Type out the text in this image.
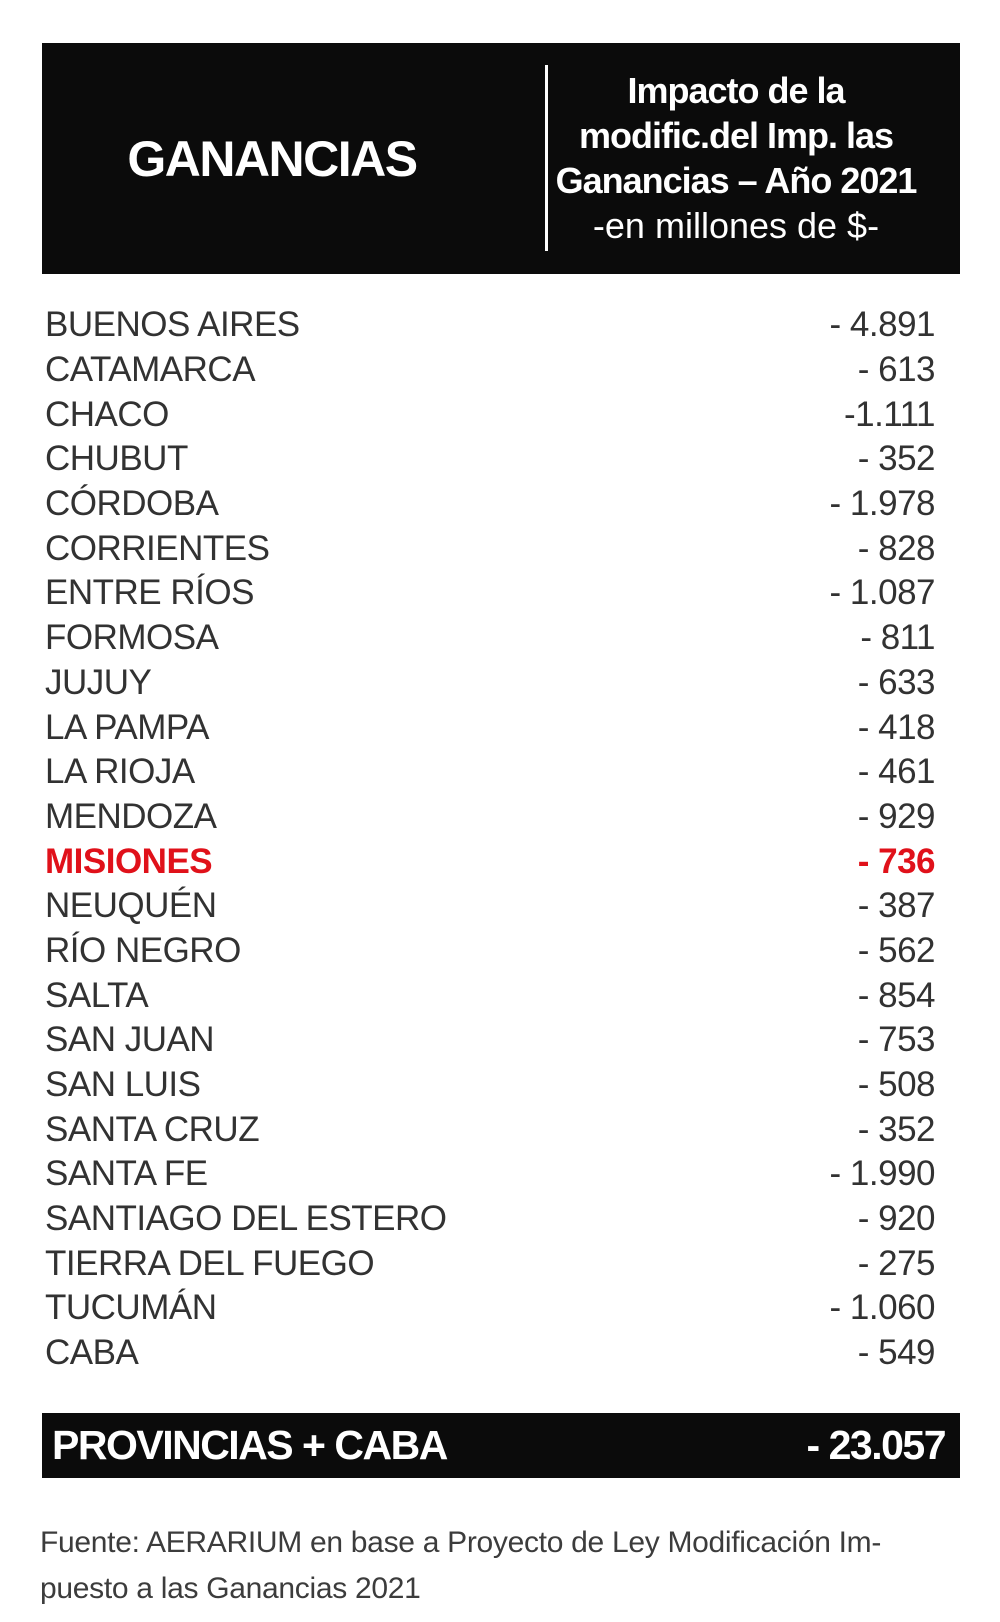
GANANCIAS
Impacto de la
modific.del Imp. las
Ganancias – Año 2021
-en millones de $-
BUENOS AIRES	- 4.891
CATAMARCA	- 613
CHACO	-1.111
CHUBUT	- 352
CÓRDOBA	- 1.978
CORRIENTES	- 828
ENTRE RÍOS	- 1.087
FORMOSA	- 811
JUJUY	- 633
LA PAMPA	- 418
LA RIOJA	- 461
MENDOZA	- 929
MISIONES	- 736
NEUQUÉN	- 387
RÍO NEGRO	- 562
SALTA	- 854
SAN JUAN	- 753
SAN LUIS	- 508
SANTA CRUZ	- 352
SANTA FE	- 1.990
SANTIAGO DEL ESTERO	- 920
TIERRA DEL FUEGO	- 275
TUCUMÁN	- 1.060
CABA	- 549
PROVINCIAS + CABA	- 23.057
Fuente: AERARIUM en base a Proyecto de Ley Modificación Im-
puesto a las Ganancias 2021
